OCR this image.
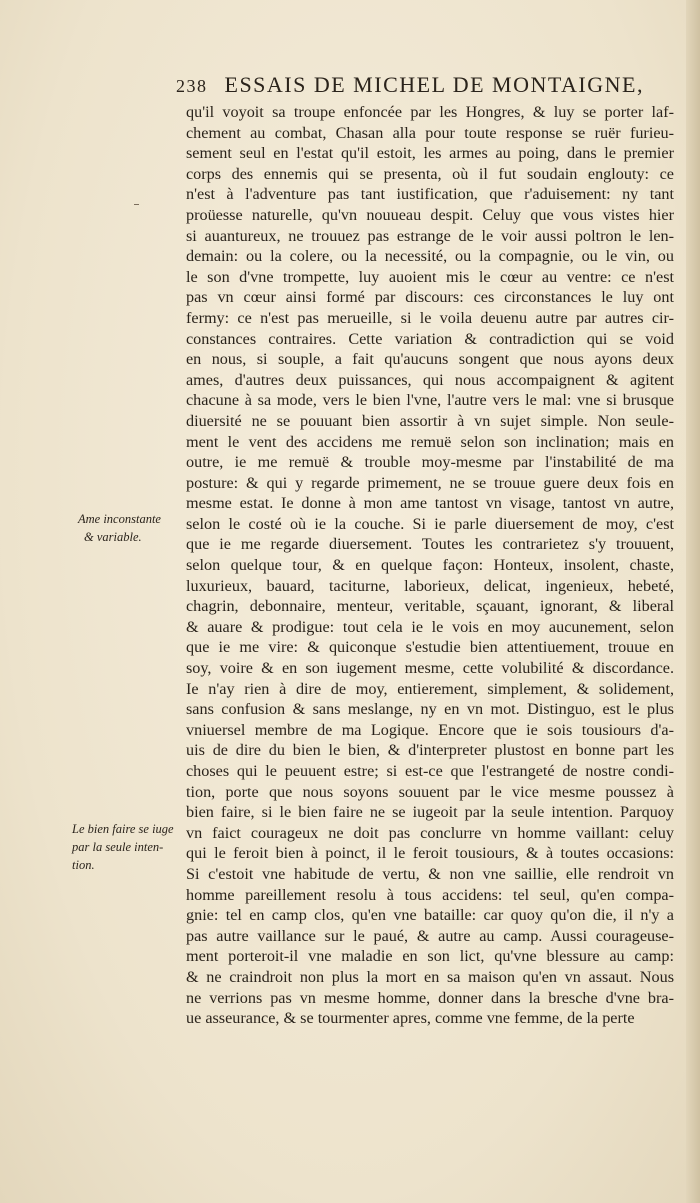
238 ESSAIS DE MICHEL DE MONTAIGNE,
Ame inconstante
& variable.
Le bien faire se iuge
par la seule inten-
tion.
qu'il voyoit sa troupe enfoncée par les Hongres, & luy se porter laf-
chement au combat, Chasan alla pour toute response se ruër furieu-
sement seul en l'estat qu'il estoit, les armes au poing, dans le premier
corps des ennemis qui se presenta, où il fut soudain englouty: ce
n'est à l'adventure pas tant iustification, que r'aduisement: ny tant
proüesse naturelle, qu'vn nouueau despit. Celuy que vous vistes hier
si auantureux, ne trouuez pas estrange de le voir aussi poltron le len-
demain: ou la colere, ou la necessité, ou la compagnie, ou le vin, ou
le son d'vne trompette, luy auoient mis le cœur au ventre: ce n'est
pas vn cœur ainsi formé par discours: ces circonstances le luy ont
fermy: ce n'est pas merueille, si le voila deuenu autre par autres cir-
constances contraires. Cette variation & contradiction qui se void
en nous, si souple, a fait qu'aucuns songent que nous ayons deux
ames, d'autres deux puissances, qui nous accompaignent & agitent
chacune à sa mode, vers le bien l'vne, l'autre vers le mal: vne si brusque
diuersité ne se pouuant bien assortir à vn sujet simple. Non seule-
ment le vent des accidens me remuë selon son inclination; mais en
outre, ie me remuë & trouble moy-mesme par l'instabilité de ma
posture: & qui y regarde primement, ne se trouue guere deux fois en
mesme estat. Ie donne à mon ame tantost vn visage, tantost vn autre,
selon le costé où ie la couche. Si ie parle diuersement de moy, c'est
que ie me regarde diuersement. Toutes les contrarietez s'y trouuent,
selon quelque tour, & en quelque façon: Honteux, insolent, chaste,
luxurieux, bauard, taciturne, laborieux, delicat, ingenieux, hebeté,
chagrin, debonnaire, menteur, veritable, sçauant, ignorant, & liberal
& auare & prodigue: tout cela ie le vois en moy aucunement, selon
que ie me vire: & quiconque s'estudie bien attentiuement, trouue en
soy, voire & en son iugement mesme, cette volubilité & discordance.
Ie n'ay rien à dire de moy, entierement, simplement, & solidement,
sans confusion & sans meslange, ny en vn mot. Distinguo, est le plus
vniuersel membre de ma Logique. Encore que ie sois tousiours d'a-
uis de dire du bien le bien, & d'interpreter plustost en bonne part les
choses qui le peuuent estre; si est-ce que l'estrangeté de nostre condi-
tion, porte que nous soyons souuent par le vice mesme poussez à
bien faire, si le bien faire ne se iugeoit par la seule intention. Parquoy
vn faict courageux ne doit pas conclurre vn homme vaillant: celuy
qui le feroit bien à poinct, il le feroit tousiours, & à toutes occasions:
Si c'estoit vne habitude de vertu, & non vne saillie, elle rendroit vn
homme pareillement resolu à tous accidens: tel seul, qu'en compa-
gnie: tel en camp clos, qu'en vne bataille: car quoy qu'on die, il n'y a
pas autre vaillance sur le paué, & autre au camp. Aussi courageuse-
ment porteroit-il vne maladie en son lict, qu'vne blessure au camp:
& ne craindroit non plus la mort en sa maison qu'en vn assaut. Nous
ne verrions pas vn mesme homme, donner dans la bresche d'vne bra-
ue asseurance, & se tourmenter apres, comme vne femme, de la perte
